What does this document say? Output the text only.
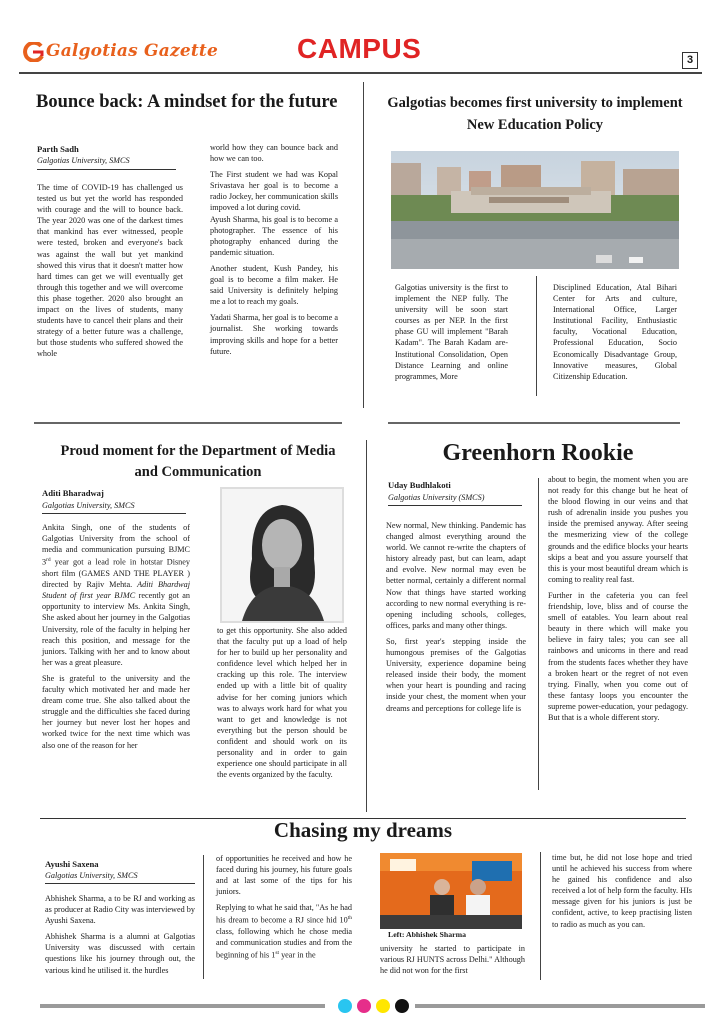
Galgotias Gazette	CAMPUS	3
Bounce back: A mindset for the future
Parth Sadh
Galgotias University, SMCS

The time of COVID-19 has challenged us tested us but yet the world has responded with courage and the will to bounce back. The year 2020 was one of the darkest times that mankind has ever witnessed, people were tested, broken and everyone's back was against the wall but yet mankind showed this virus that it doesn't matter how hard times can get we will eventually get through this together and we will overcome this phase together. 2020 also brought an impact on the lives of students, many students have to cancel their plans and their strategy of a better future was a challenge, but those students who suffered showed the whole

world how they can bounce back and how we can too.

The First student we had was Kopal Srivastava her goal is to become a radio Jockey, her communication skills impoved a lot during covid.

Ayush Sharma, his goal is to become a photographer. The essence of his photography enhanced during the pandemic situation.

Another student, Kush Pandey, his goal is to become a film maker. He said University is definitely helping me a lot to reach my goals.

Yadati Sharma, her goal is to become a journalist. She working towards improving skills and hope for a better future.

Galgotias becomes first university to implement New Education Policy

Galgotias university is the first to implement the NEP fully. The university will be soon start courses as per NEP. In the first phase GU will implement "Barah Kadam". The Barah Kadam are- Institutional Consolidation, Open Distance Learning and online programmes, More

Disciplined Education, Atal Bihari Center for Arts and culture, International Office, Larger Institutional Facility, Enthusiastic faculty, Vocational Education, Professional Education, Socio Economically Disadvantage Group, Innovative measures, Global Citizenship Education.

Proud moment for the Department of Media and Communication
Aditi Bharadwaj
Galgotias University, SMCS

Ankita Singh, one of the students of Galgotias University from the school of media and communication pursuing BJMC 3rd year got a lead role in hotstar Disney short film (GAMES AND THE PLAYER ) directed by Rajiv Mehta. Aditi Bhardwaj Student of first year BJMC recently got an opportunity to interview Ms. Ankita Singh, She asked about her journey in the Galgotias University, role of the faculty in helping her reach this position, and message for the juniors. Talking with her and to know about her was a great pleasure.

She is grateful to the university and the faculty which motivated her and made her dream come true. She also talked about the struggle and the difficulties she faced during her journey but never lost her hopes and worked twice for the next time which was also one of the reason for her

to get this opportunity. She also added that the faculty put up a load of help for her to build up her personality and confidence level which helped her in cracking up this role. The interview ended up with a little bit of quality advise for her coming juniors which was to always work hard for what you want to get and knowledge is not everything but the person should be confident and should work on its personality and in order to gain experience one should participate in all the events organized by the faculty.

Greenhorn Rookie
Uday Budhlakoti
Galgotias University (SMCS)

New normal, New thinking. Pandemic has changed almost everything around the world. We cannot re-write the chapters of history already past, but can learn, adapt and evolve. New normal may even be better normal, certainly a different normal Now that things have started working according to new normal everything is re-opening including schools, colleges, offices, parks and many other things.

So, first year's stepping inside the humongous premises of the Galgotias University, experience dopamine being released inside their body, the moment when your heart is pounding and racing inside your chest, the moment when your dreams and perceptions for college life is

about to begin, the moment when you are not ready for this change but he heat of the blood flowing in our veins and that rush of adrenalin inside you pushes you inside the premised anyway. After seeing the mesmerizing view of the college grounds and the edifice blocks your hearts skips a beat and you assure yourself that this is your most beautiful dream which is coming to reality real fast.

Further in the cafeteria you can feel friendship, love, bliss and of course the smell of eatables. You learn about real beauty in there which will make you believe in fairy tales; you can see all rainbows and unicorns in there and read from the students faces whether they have a broken heart or the regret of not even trying. Finally, when you come out of these fantasy loops you encounter the supreme power-education, your pedagogy. But that is a whole different story.

Chasing my dreams
Ayushi Saxena
Galgotias University, SMCS

Abhishek Sharma, a to be RJ and working as as producer at Radio City was interviewed by Ayushi Saxena.

Abhishek Sharma is a alumni at Galgotias University was discussed with certain questions like his journey through out, the various kind he utilised it. the hurdles

of opportunities he received and how he faced during his journey, his future goals and at last some of the tips for his juniors.

Replying to what he said that, "As he had his dream to become a RJ since hid 10th class, following which he chose media and communication studies and from the beginning of his 1st year in the

Left: Abhishek Sharma

university he started to participate in various RJ HUNTS across Delhi." Although he did not won for the first

time but, he did not lose hope and tried until he achieved his success from where he gained his confidence and also received a lot of help form the faculty. HIs message given for his juniors is just be confident, active, to keep practising listen to radio as much as you can.
